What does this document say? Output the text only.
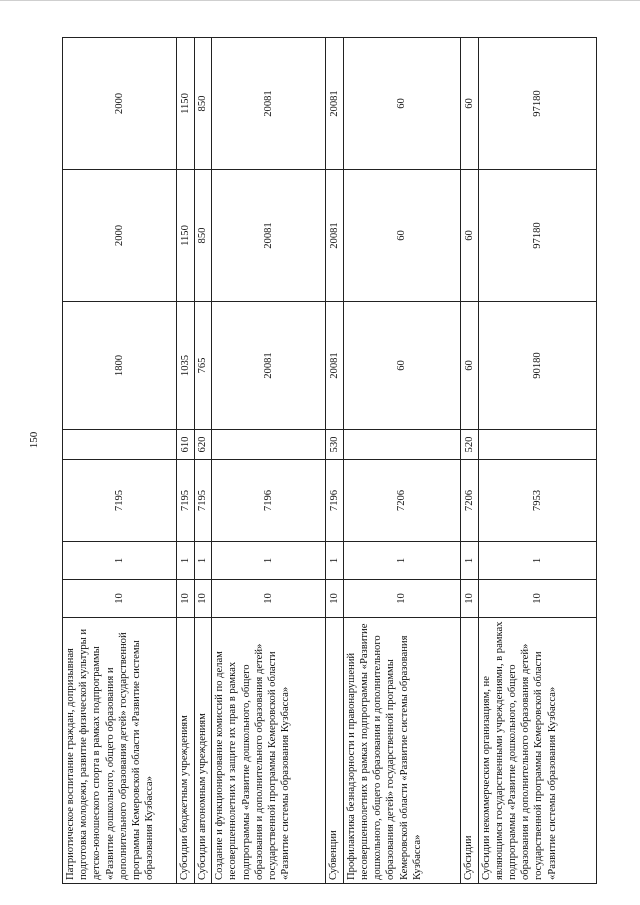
150
Патриотическое воспитание граждан, допризывная подготовка молодежи, развитие физической культуры и детско-юношеского спорта в рамках подпрограммы «Развитие дошкольного, общего образования и дополнительного образования детей» государственной программы Кемеровской области «Развитие системы образования Кузбасса»	10	1	7195		1800	2000	2000
Субсидии бюджетным учреждениям	10	1	7195	610	1035	1150	1150
Субсидии автономным учреждениям	10	1	7195	620	765	850	850
Создание и функционирование комиссий по делам несовершеннолетних и защите их прав в рамках подпрограммы «Развитие дошкольного, общего образования и дополнительного образования детей» государственной программы Кемеровской области «Развитие системы образования Кузбасса»	10	1	7196		20081	20081	20081
Субвенции	10	1	7196	530	20081	20081	20081
Профилактика безнадзорности и правонарушений несовершеннолетних в рамках подпрограммы «Развитие дошкольного, общего образования и дополнительного образования детей» государственной программы Кемеровской области «Развитие системы образования Кузбасса»	10	1	7206		60	60	60
Субсидии	10	1	7206	520	60	60	60
Субсидии некоммерческим организациям, не являющимся государственными учреждениями, в рамках подпрограммы «Развитие дошкольного, общего образования и дополнительного образования детей» государственной программы Кемеровской области «Развитие системы образования Кузбасса»	10	1	7953		90180	97180	97180
